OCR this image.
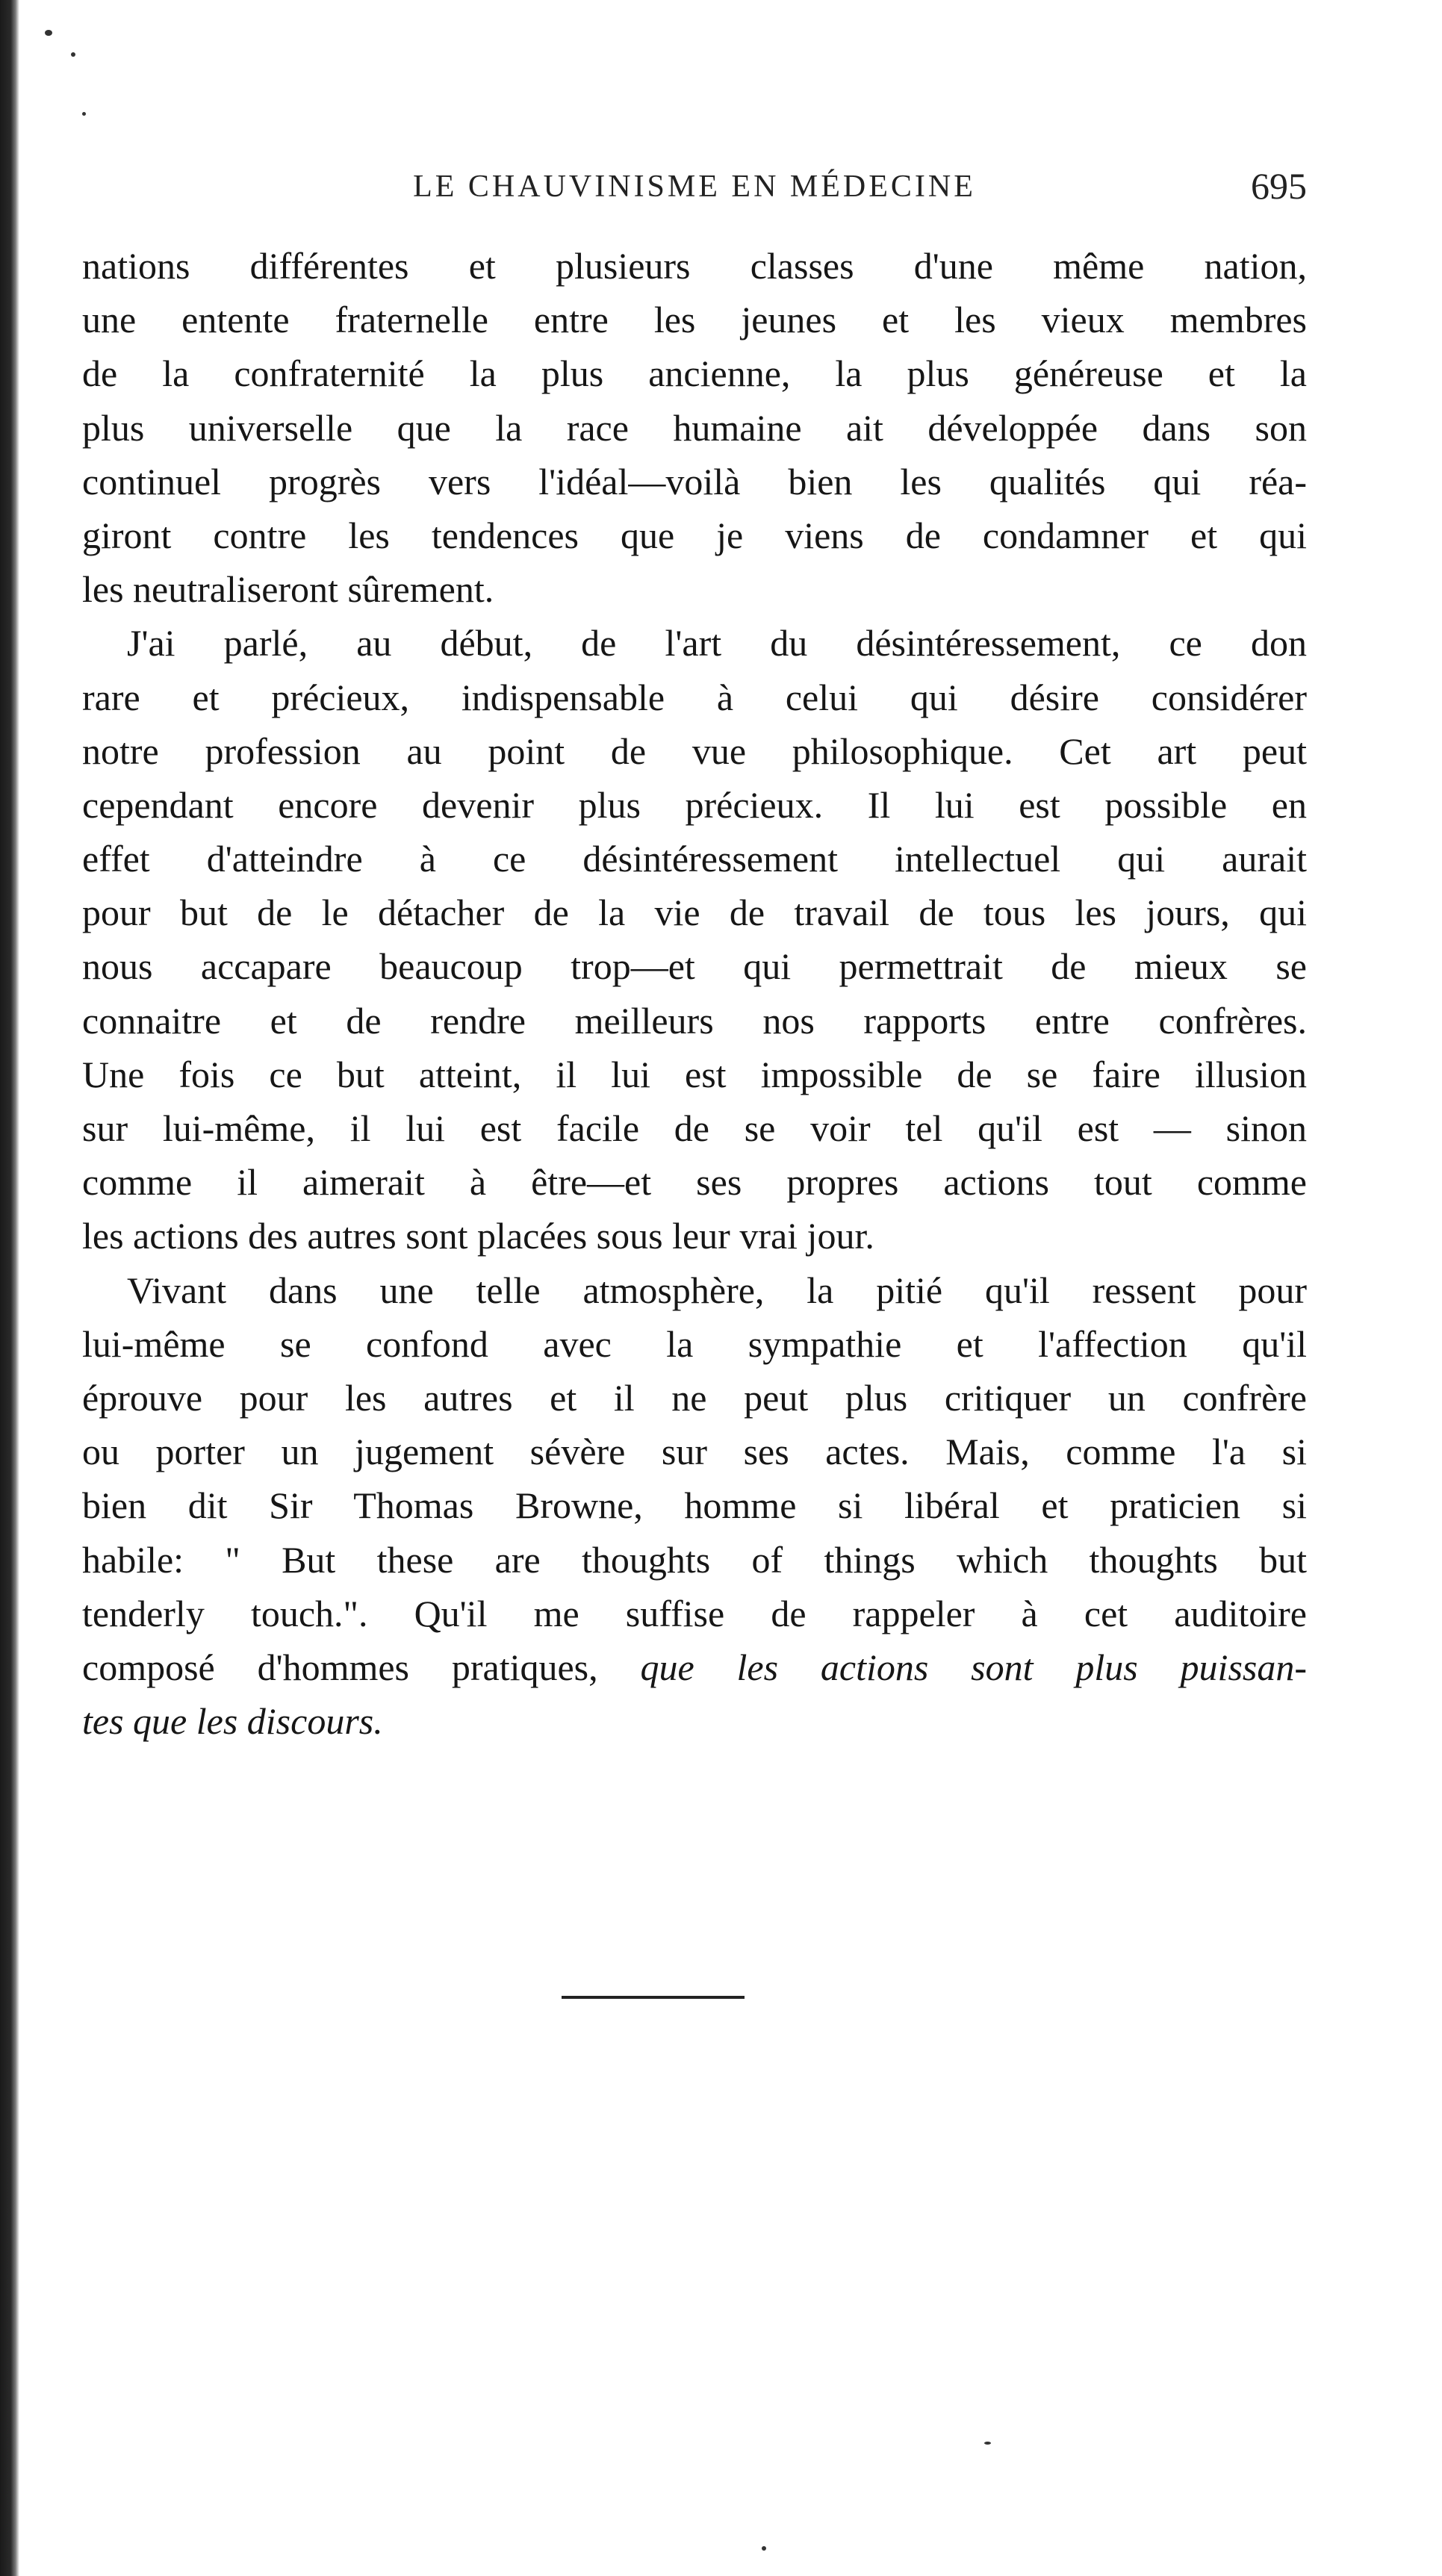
LE CHAUVINISME EN MÉDECINE	695
nations différentes et plusieurs classes d'une même nation,
une entente fraternelle entre les jeunes et les vieux membres
de la confraternité la plus ancienne, la plus généreuse et la
plus universelle que la race humaine ait développée dans son
continuel progrès vers l'idéal—voilà bien les qualités qui réa-
giront contre les tendences que je viens de condamner et qui
les neutraliseront sûrement.
J'ai parlé, au début, de l'art du désintéressement, ce don
rare et précieux, indispensable à celui qui désire considérer
notre profession au point de vue philosophique. Cet art peut
cependant encore devenir plus précieux. Il lui est possible en
effet d'atteindre à ce désintéressement intellectuel qui aurait
pour but de le détacher de la vie de travail de tous les jours, qui
nous accapare beaucoup trop—et qui permettrait de mieux se
connaitre et de rendre meilleurs nos rapports entre confrères.
Une fois ce but atteint, il lui est impossible de se faire illusion
sur lui-même, il lui est facile de se voir tel qu'il est — sinon
comme il aimerait à être—et ses propres actions tout comme
les actions des autres sont placées sous leur vrai jour.
Vivant dans une telle atmosphère, la pitié qu'il ressent pour
lui-même se confond avec la sympathie et l'affection qu'il
éprouve pour les autres et il ne peut plus critiquer un confrère
ou porter un jugement sévère sur ses actes. Mais, comme l'a si
bien dit Sir Thomas Browne, homme si libéral et praticien si
habile: " But these are thoughts of things which thoughts but
tenderly touch.". Qu'il me suffise de rappeler à cet auditoire
composé d'hommes pratiques, que les actions sont plus puissan-
tes que les discours.
